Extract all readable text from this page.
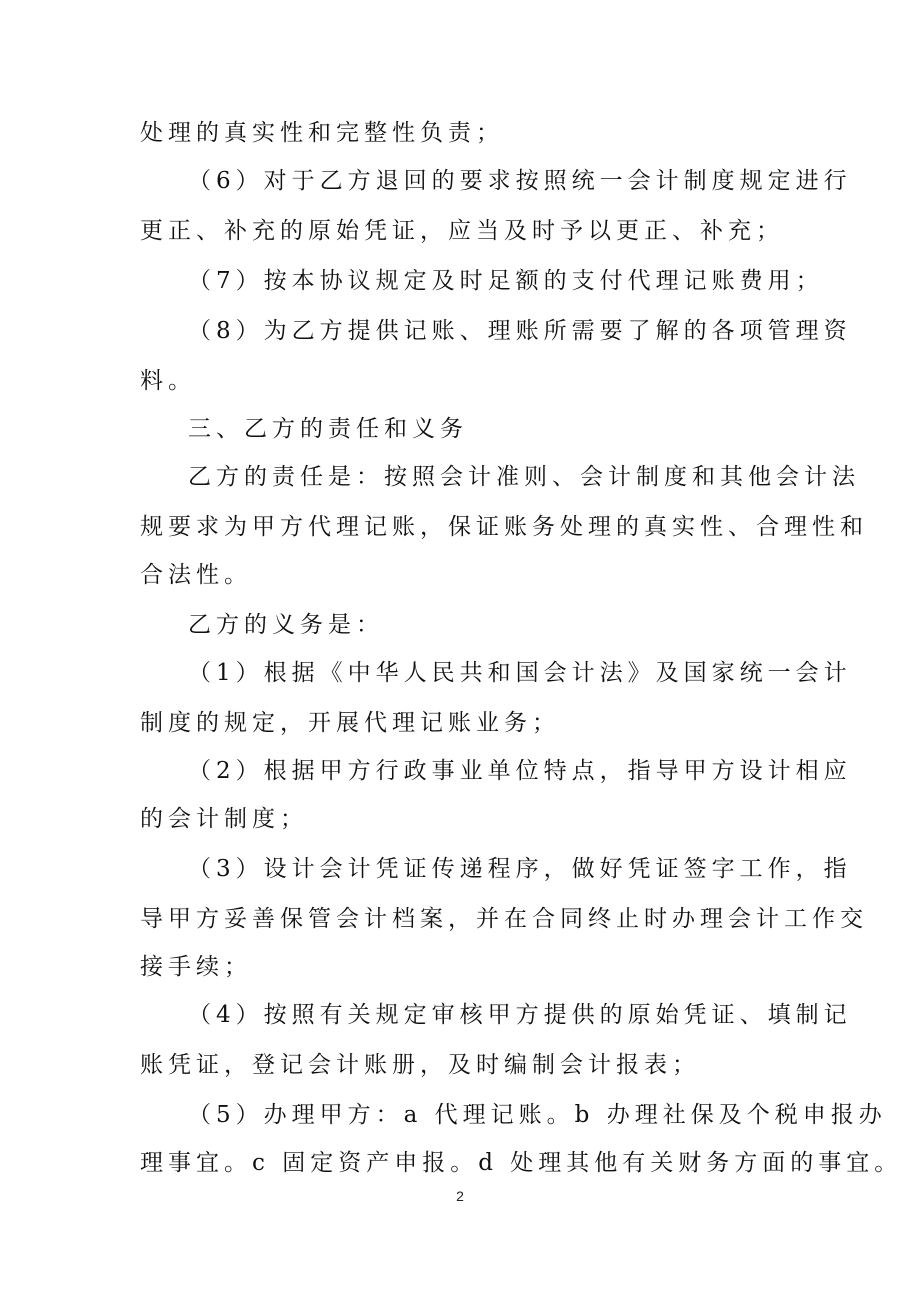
处理的真实性和完整性负责；
（6）对于乙方退回的要求按照统一会计制度规定进行
更正、补充的原始凭证，应当及时予以更正、补充；
（7）按本协议规定及时足额的支付代理记账费用；
（8）为乙方提供记账、理账所需要了解的各项管理资
料。
三、乙方的责任和义务
乙方的责任是：按照会计准则、会计制度和其他会计法
规要求为甲方代理记账，保证账务处理的真实性、合理性和
合法性。
乙方的义务是：
（1）根据《中华人民共和国会计法》及国家统一会计
制度的规定，开展代理记账业务；
（2）根据甲方行政事业单位特点，指导甲方设计相应
的会计制度；
（3）设计会计凭证传递程序，做好凭证签字工作，指
导甲方妥善保管会计档案，并在合同终止时办理会计工作交
接手续；
（4）按照有关规定审核甲方提供的原始凭证、填制记
账凭证，登记会计账册，及时编制会计报表；
（5）办理甲方：a 代理记账。b 办理社保及个税申报办
理事宜。c 固定资产申报。d 处理其他有关财务方面的事宜。
2
